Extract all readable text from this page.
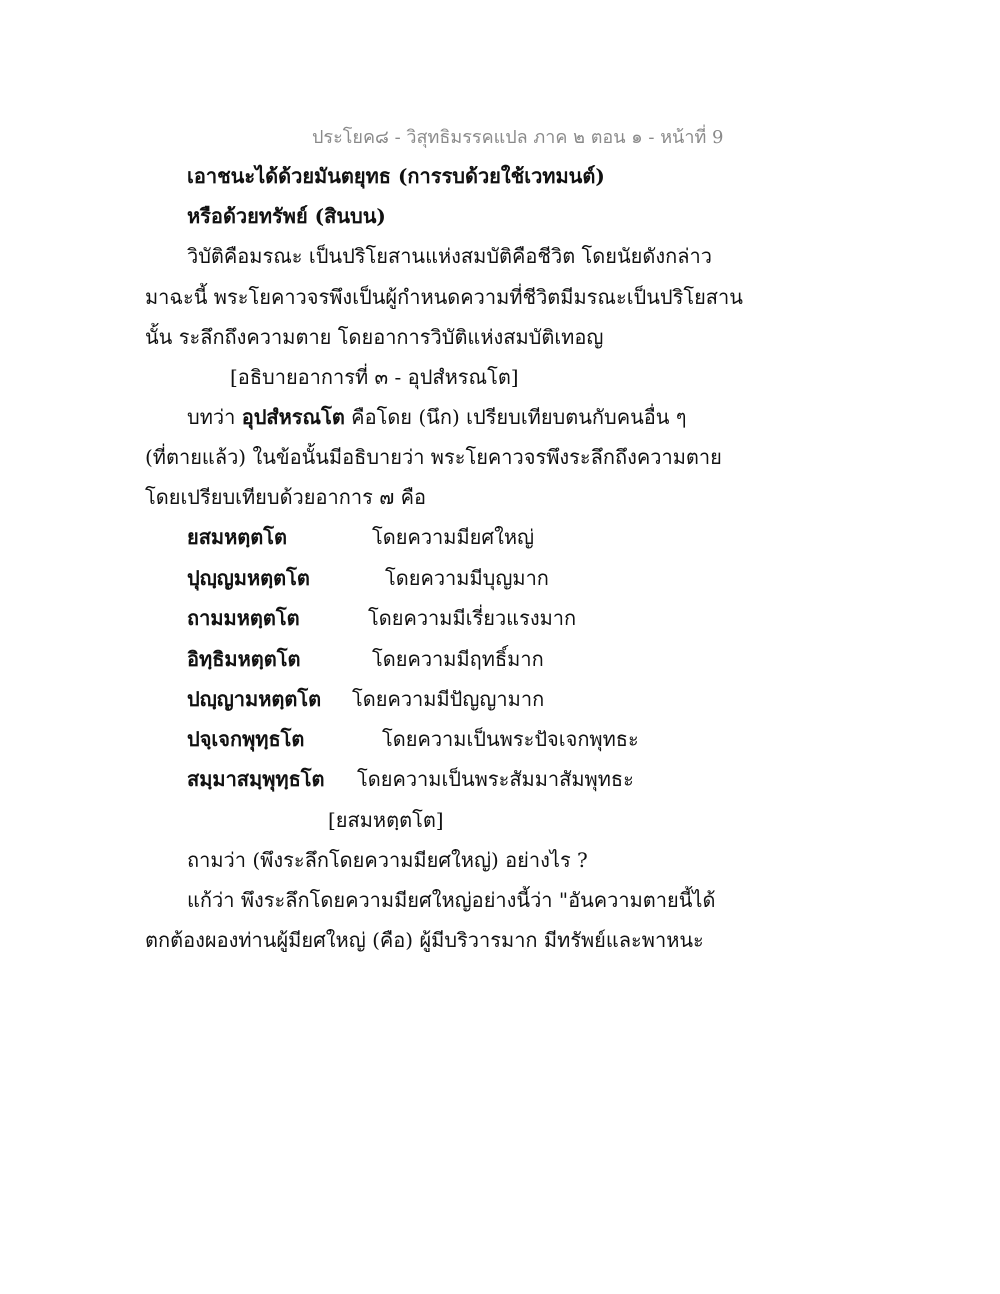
ประโยค๘ - วิสุทธิมรรคแปล ภาค ๒ ตอน ๑ - หน้าที่ 9
เอาชนะได้ด้วยมันตยุทธ (การรบด้วยใช้เวทมนต์)
หรือด้วยทรัพย์ (สินบน)
วิบัติคือมรณะ เป็นปริโยสานแห่งสมบัติคือชีวิต โดยนัยดังกล่าว
มาฉะนี้ พระโยคาวจรพึงเป็นผู้กำหนดความที่ชีวิตมีมรณะเป็นปริโยสาน
นั้น ระลึกถึงความตาย โดยอาการวิบัติแห่งสมบัติเทอญ
[อธิบายอาการที่ ๓ - อุปสํหรณโต]
บทว่า อุปสํหรณโต คือโดย (นึก) เปรียบเทียบตนกับคนอื่น ๆ
(ที่ตายแล้ว) ในข้อนั้นมีอธิบายว่า พระโยคาวจรพึงระลึกถึงความตาย
โดยเปรียบเทียบด้วยอาการ ๗ คือ
ยสมหตฺตโต	โดยความมียศใหญ่
ปุญฺญมหตฺตโต	โดยความมีบุญมาก
ถามมหตฺตโต	โดยความมีเรี่ยวแรงมาก
อิทฺธิมหตฺตโต	โดยความมีฤทธิ์มาก
ปญฺญามหตฺตโต โดยความมีปัญญามาก
ปจฺเจกพุทฺธโต	โดยความเป็นพระปัจเจกพุทธะ
สมฺมาสมฺพุทฺธโต โดยความเป็นพระสัมมาสัมพุทธะ
[ยสมหตฺตโต]
ถามว่า (พึงระลึกโดยความมียศใหญ่) อย่างไร ?
แก้ว่า พึงระลึกโดยความมียศใหญ่อย่างนี้ว่า "อันความตายนี้ได้
ตกต้องผองท่านผู้มียศใหญ่ (คือ) ผู้มีบริวารมาก มีทรัพย์และพาหนะ
